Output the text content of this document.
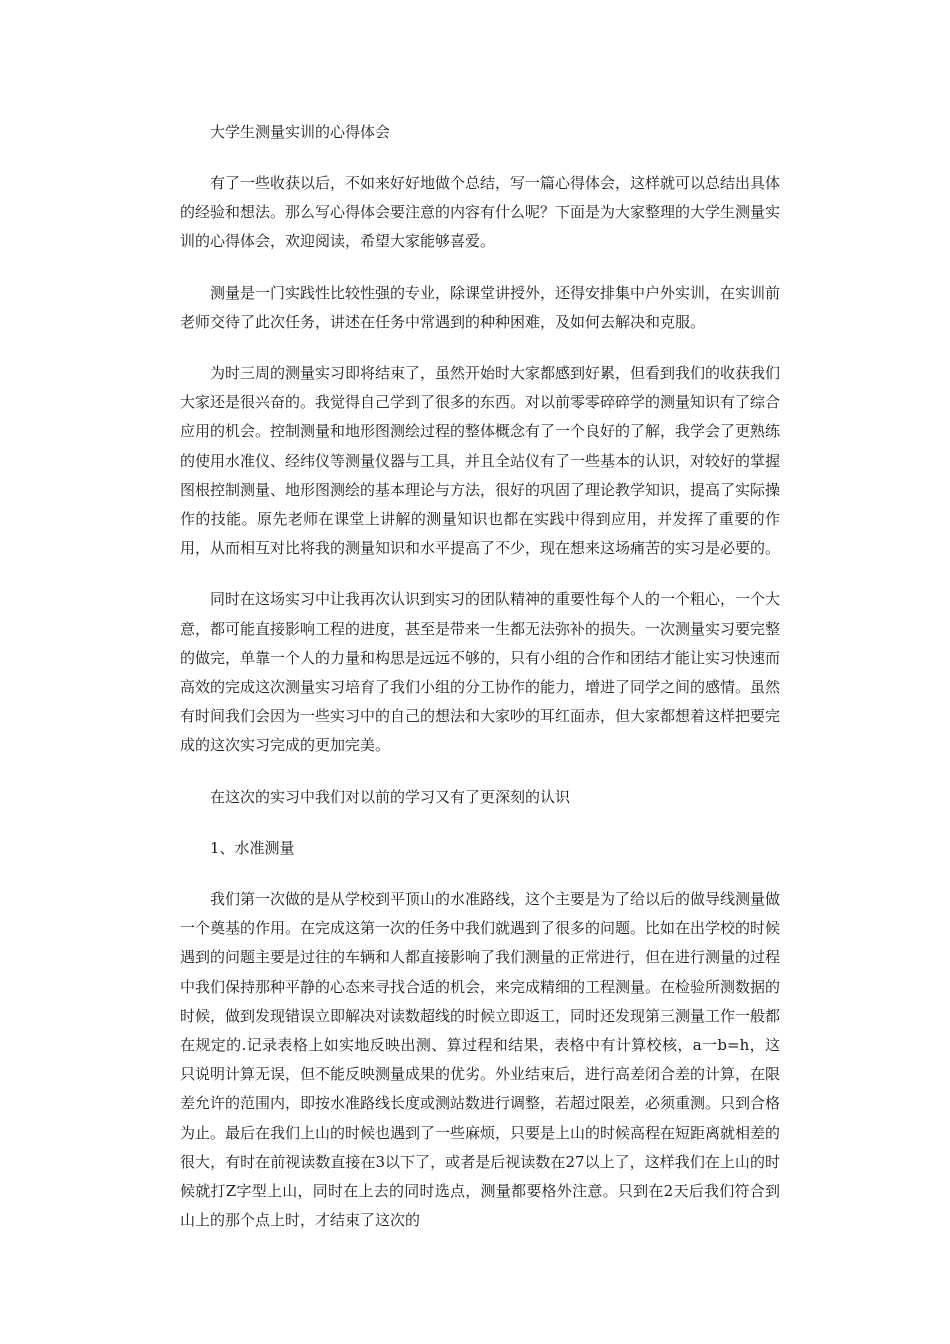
大学生测量实训的心得体会

有了一些收获以后，不如来好好地做个总结，写一篇心得体会，这样就可以总结出具体的经验和想法。那么写心得体会要注意的内容有什么呢？下面是为大家整理的大学生测量实训的心得体会，欢迎阅读，希望大家能够喜爱。

测量是一门实践性比较性强的专业，除课堂讲授外，还得安排集中户外实训，在实训前老师交待了此次任务，讲述在任务中常遇到的种种困难，及如何去解决和克服。

为时三周的测量实习即将结束了，虽然开始时大家都感到好累，但看到我们的收获我们大家还是很兴奋的。我觉得自己学到了很多的东西。对以前零零碎碎学的测量知识有了综合应用的机会。控制测量和地形图测绘过程的整体概念有了一个良好的了解，我学会了更熟练的使用水准仪、经纬仪等测量仪器与工具，并且全站仪有了一些基本的认识，对较好的掌握图根控制测量、地形图测绘的基本理论与方法，很好的巩固了理论教学知识，提高了实际操作的技能。原先老师在课堂上讲解的测量知识也都在实践中得到应用，并发挥了重要的作用，从而相互对比将我的测量知识和水平提高了不少，现在想来这场痛苦的实习是必要的。

同时在这场实习中让我再次认识到实习的团队精神的重要性每个人的一个粗心，一个大意，都可能直接影响工程的进度，甚至是带来一生都无法弥补的损失。一次测量实习要完整的做完，单靠一个人的力量和构思是远远不够的，只有小组的合作和团结才能让实习快速而高效的完成这次测量实习培育了我们小组的分工协作的能力，增进了同学之间的感情。虽然有时间我们会因为一些实习中的自己的想法和大家吵的耳红面赤，但大家都想着这样把要完成的这次实习完成的更加完美。

在这次的实习中我们对以前的学习又有了更深刻的认识

1、水准测量

我们第一次做的是从学校到平顶山的水准路线，这个主要是为了给以后的做导线测量做一个奠基的作用。在完成这第一次的任务中我们就遇到了很多的问题。比如在出学校的时候遇到的问题主要是过往的车辆和人都直接影响了我们测量的正常进行，但在进行测量的过程中我们保持那种平静的心态来寻找合适的机会，来完成精细的工程测量。在检验所测数据的时候，做到发现错误立即解决对读数超线的时候立即返工，同时还发现第三测量工作一般都在规定的.记录表格上如实地反映出测、算过程和结果，表格中有计算校核，a一b=h，这只说明计算无误，但不能反映测量成果的优劣。外业结束后，进行高差闭合差的计算，在限差允许的范围内，即按水准路线长度或测站数进行调整，若超过限差，必须重测。只到合格为止。最后在我们上山的时候也遇到了一些麻烦，只要是上山的时候高程在短距离就相差的很大，有时在前视读数直接在3以下了，或者是后视读数在27以上了，这样我们在上山的时候就打Z字型上山，同时在上去的同时选点，测量都要格外注意。只到在2天后我们符合到山上的那个点上时，才结束了这次的
